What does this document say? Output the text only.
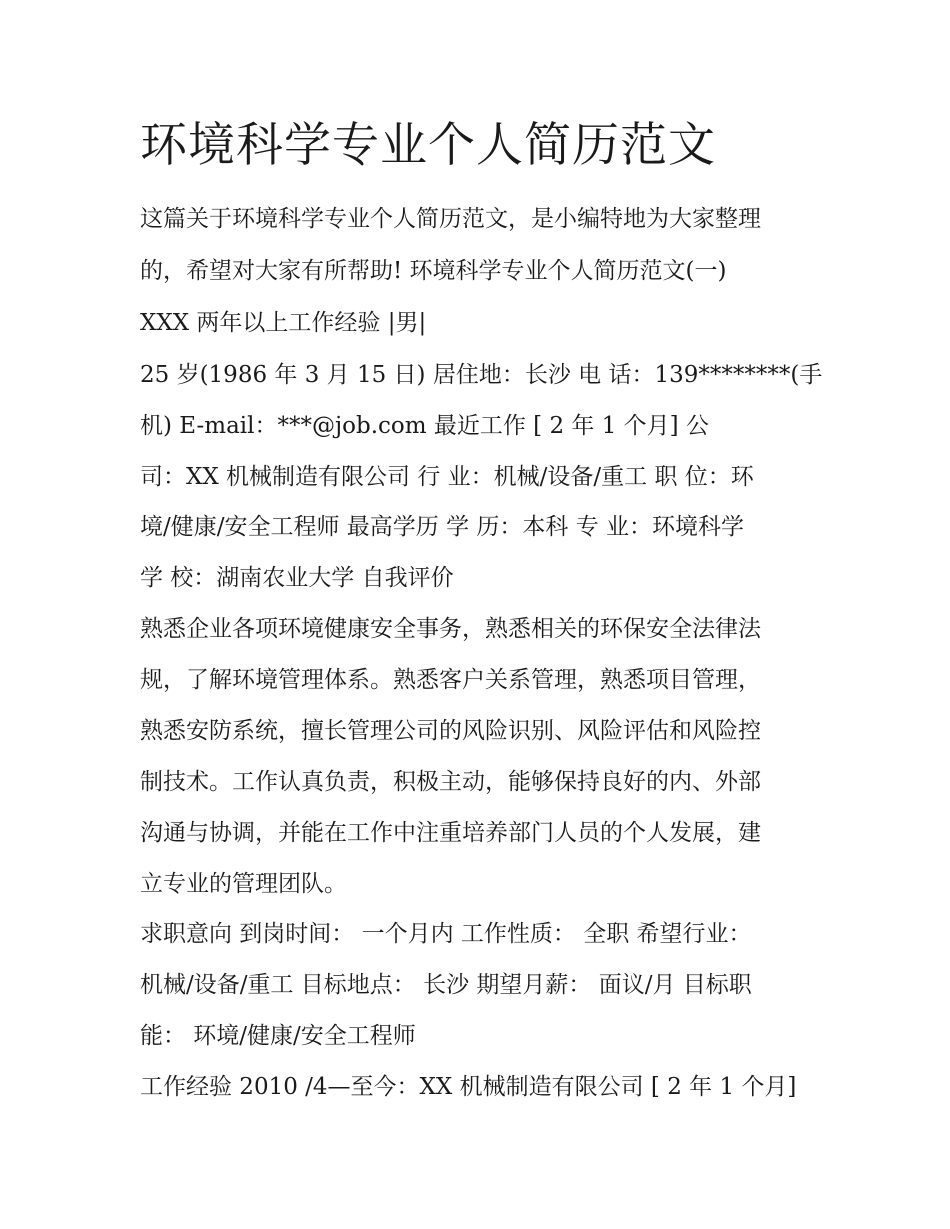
环境科学专业个人简历范文

这篇关于环境科学专业个人简历范文，是小编特地为大家整理

的，希望对大家有所帮助! 环境科学专业个人简历范文(一)

XXX 两年以上工作经验 |男|

25 岁(1986 年 3 月 15 日) 居住地：长沙 电 话：139********(手

机) E-mail：***@job.com 最近工作 [ 2 年 1 个月] 公

司：XX 机械制造有限公司 行 业：机械/设备/重工 职 位：环

境/健康/安全工程师 最高学历 学 历：本科 专 业：环境科学

学 校：湖南农业大学 自我评价

熟悉企业各项环境健康安全事务，熟悉相关的环保安全法律法

规，了解环境管理体系。熟悉客户关系管理，熟悉项目管理，

熟悉安防系统，擅长管理公司的风险识别、风险评估和风险控

制技术。工作认真负责，积极主动，能够保持良好的内、外部

沟通与协调，并能在工作中注重培养部门人员的个人发展，建

立专业的管理团队。

求职意向 到岗时间： 一个月内 工作性质： 全职 希望行业：

机械/设备/重工 目标地点： 长沙 期望月薪： 面议/月 目标职

能： 环境/健康/安全工程师

工作经验 2010 /4—至今：XX 机械制造有限公司 [ 2 年 1 个月]
